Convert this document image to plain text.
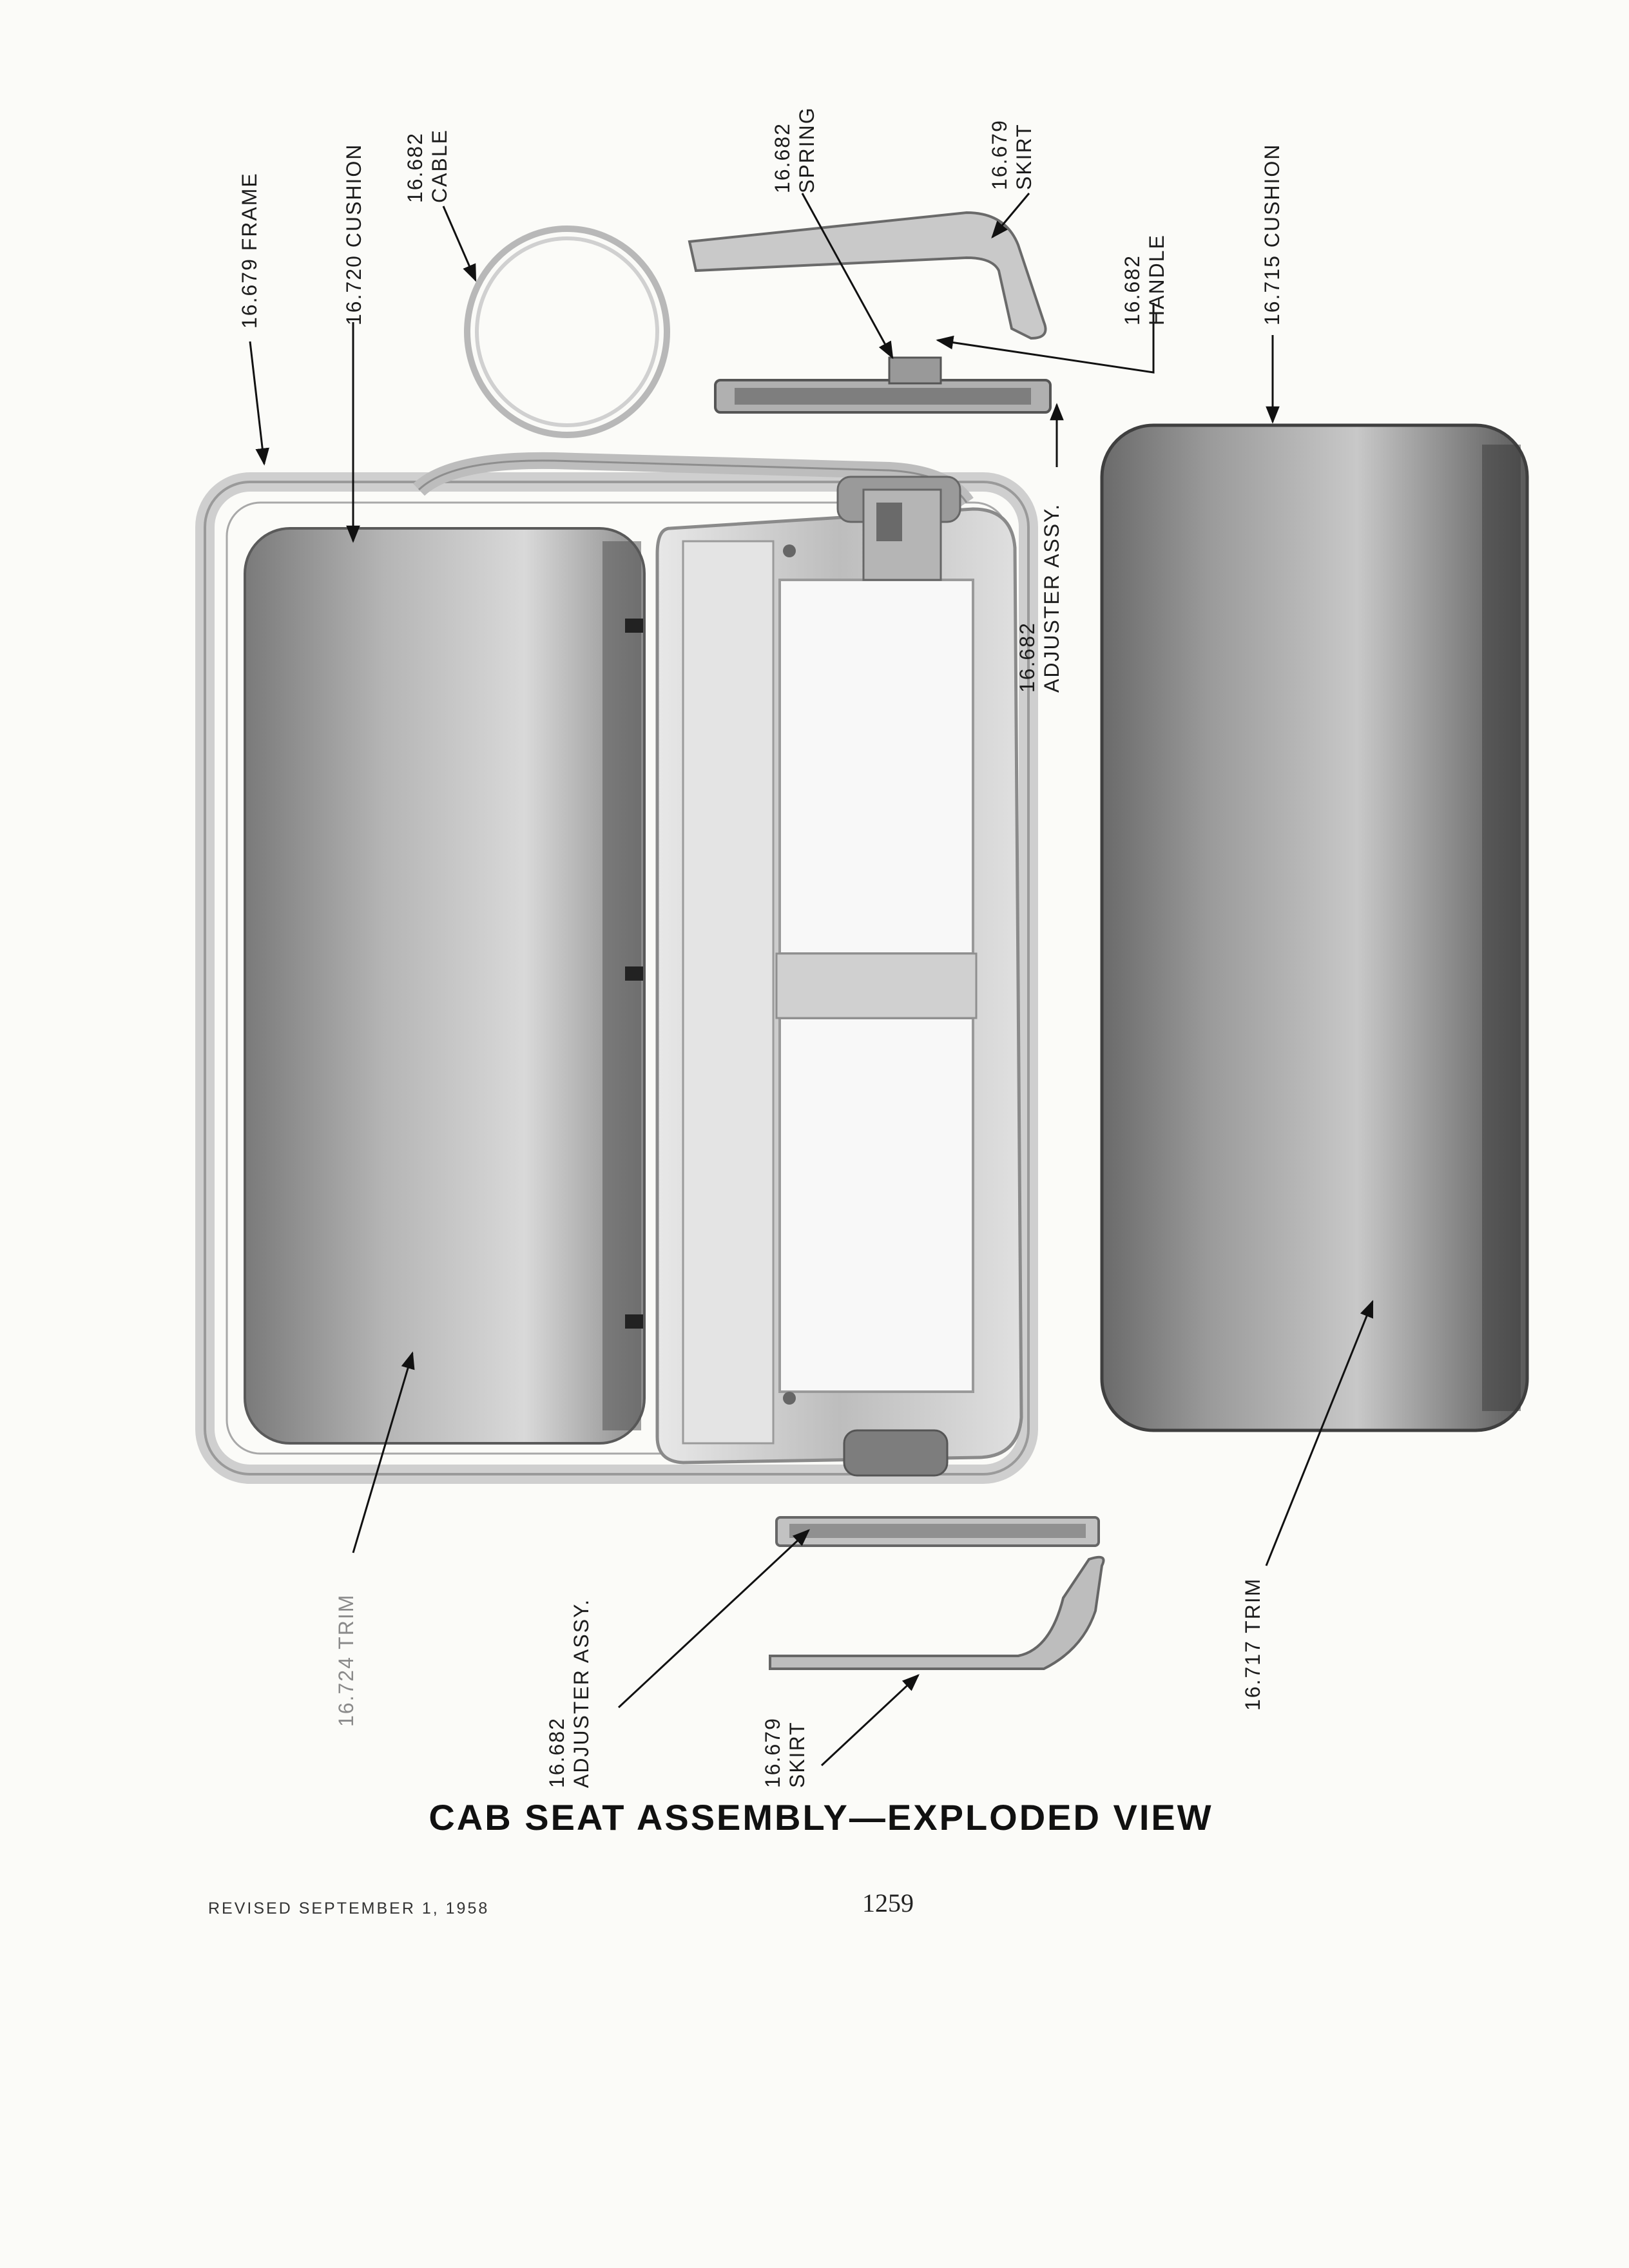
16.679 FRAME	16.720 CUSHION 16.682 CABLE	16.682 SPRING	16.679 SKIRT
16.682 HANDLE	16.715 CUSHION
16.682 ADJUSTER ASSY.
16.724 TRIM
16.682 ADJUSTER ASSY.	16.679 SKIRT
16.717 TRIM
CAB SEAT ASSEMBLY—EXPLODED VIEW
REVISED SEPTEMBER 1, 1958	1259
